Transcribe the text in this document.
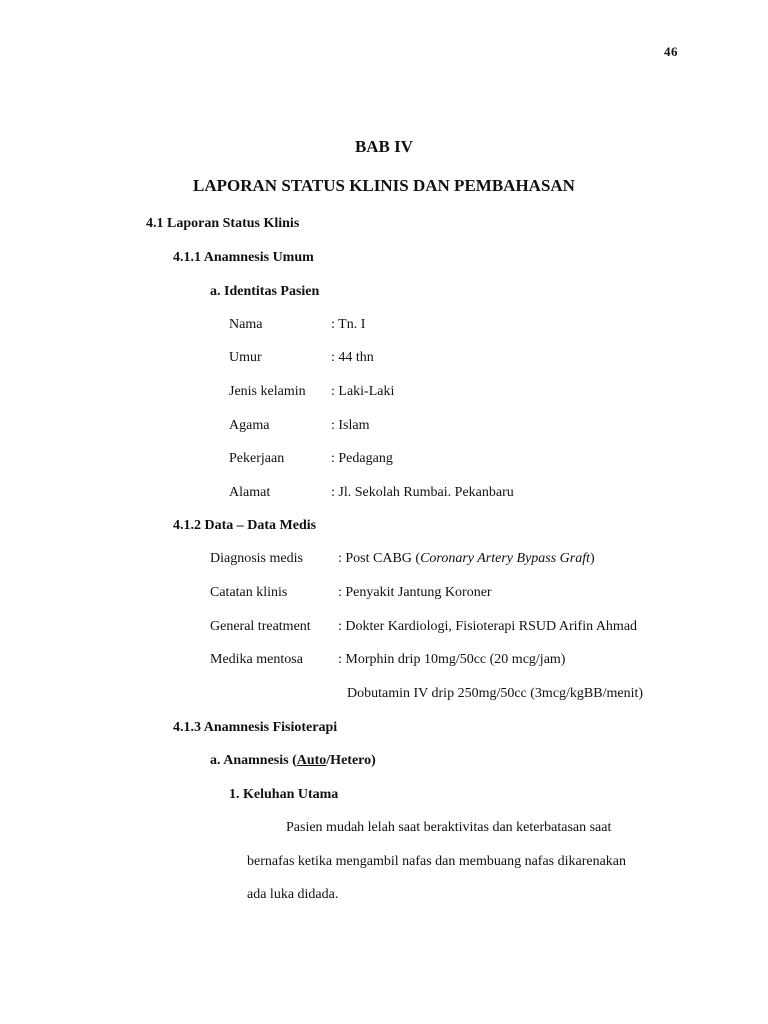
46
BAB IV
LAPORAN STATUS KLINIS DAN PEMBAHASAN
4.1 Laporan Status Klinis
4.1.1 Anamnesis Umum
a. Identitas Pasien
Nama	: Tn. I
Umur	: 44 thn
Jenis kelamin : Laki-Laki
Agama	: Islam
Pekerjaan	: Pedagang
Alamat	: Jl. Sekolah Rumbai. Pekanbaru
4.1.2 Data – Data Medis
Diagnosis medis	: Post CABG (Coronary Artery Bypass Graft)
Catatan klinis	: Penyakit Jantung Koroner
General treatment : Dokter Kardiologi, Fisioterapi RSUD Arifin Ahmad
Medika mentosa	: Morphin drip 10mg/50cc (20 mcg/jam)
Dobutamin IV drip 250mg/50cc (3mcg/kgBB/menit)
4.1.3 Anamnesis Fisioterapi
a. Anamnesis (Auto/Hetero)
1. Keluhan Utama
Pasien mudah lelah saat beraktivitas dan keterbatasan saat
bernafas ketika mengambil nafas dan membuang nafas dikarenakan
ada luka didada.
